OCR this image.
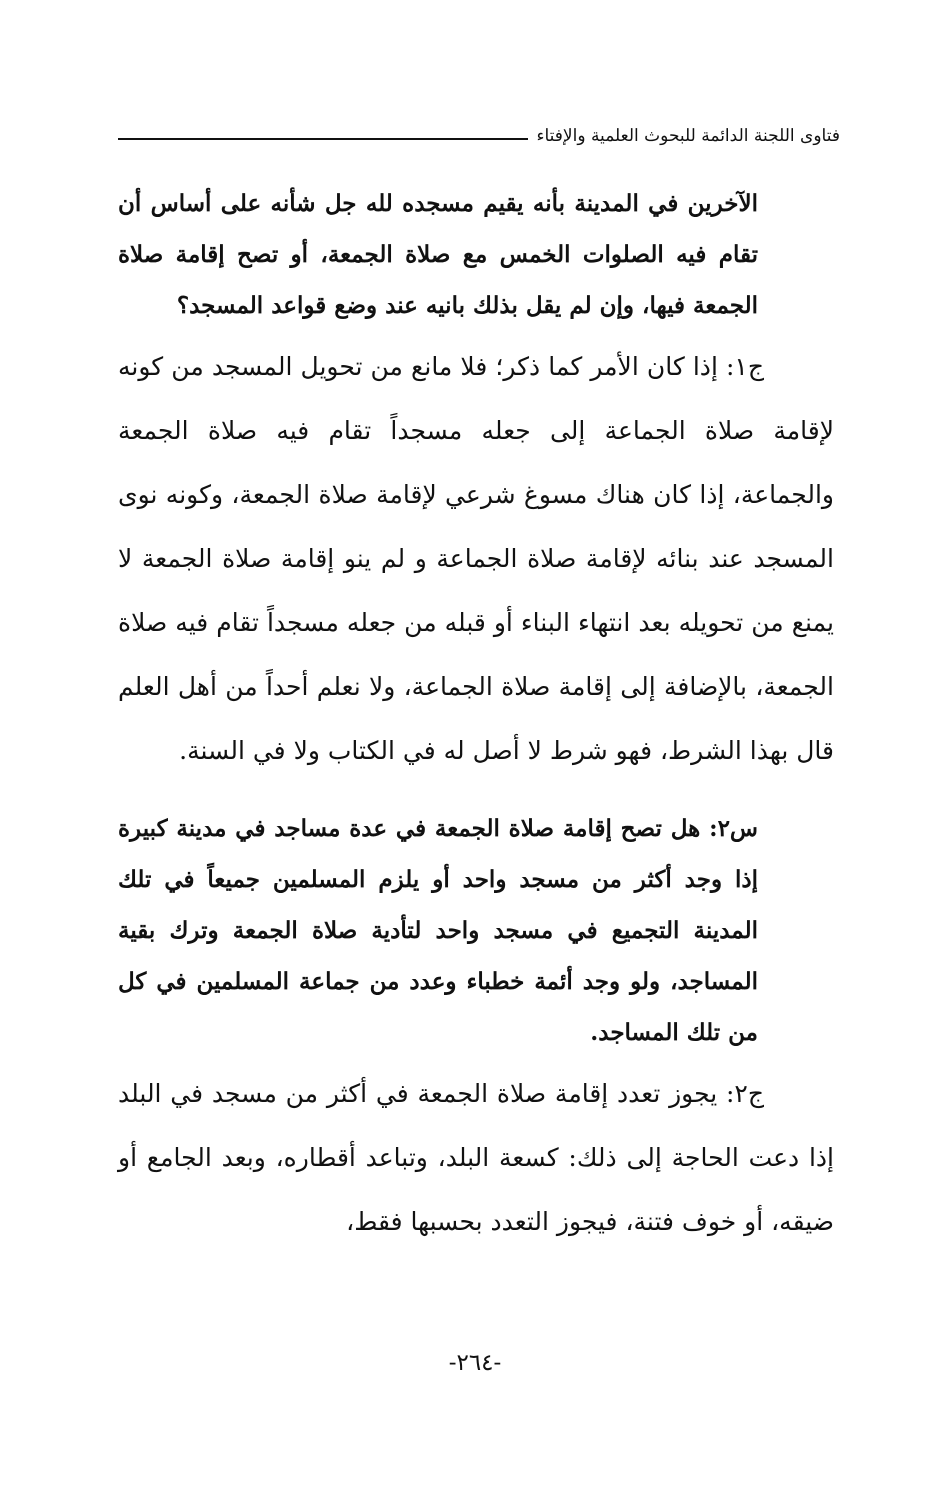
فتاوى اللجنة الدائمة للبحوث العلمية والإفتاء

الآخرين في المدينة بأنه يقيم مسجده لله جل شأنه على أساس أن تقام فيه الصلوات الخمس مع صلاة الجمعة، أو تصح إقامة صلاة الجمعة فيها، وإن لم يقل بذلك بانيه عند وضع قواعد المسجد؟

ج١: إذا كان الأمر كما ذكر؛ فلا مانع من تحويل المسجد من كونه لإقامة صلاة الجماعة إلى جعله مسجداً تقام فيه صلاة الجمعة والجماعة، إذا كان هناك مسوغ شرعي لإقامة صلاة الجمعة، وكونه نوى المسجد عند بنائه لإقامة صلاة الجماعة و لم ينو إقامة صلاة الجمعة لا يمنع من تحويله بعد انتهاء البناء أو قبله من جعله مسجداً تقام فيه صلاة الجمعة، بالإضافة إلى إقامة صلاة الجماعة، ولا نعلم أحداً من أهل العلم قال بهذا الشرط، فهو شرط لا أصل له في الكتاب ولا في السنة.

س٢: هل تصح إقامة صلاة الجمعة في عدة مساجد في مدينة كبيرة إذا وجد أكثر من مسجد واحد أو يلزم المسلمين جميعاً في تلك المدينة التجميع في مسجد واحد لتأدية صلاة الجمعة وترك بقية المساجد، ولو وجد أئمة خطباء وعدد من جماعة المسلمين في كل من تلك المساجد.

ج٢: يجوز تعدد إقامة صلاة الجمعة في أكثر من مسجد في البلد إذا دعت الحاجة إلى ذلك: كسعة البلد، وتباعد أقطاره، وبعد الجامع أو ضيقه، أو خوف فتنة، فيجوز التعدد بحسبها فقط،

-٢٦٤-
